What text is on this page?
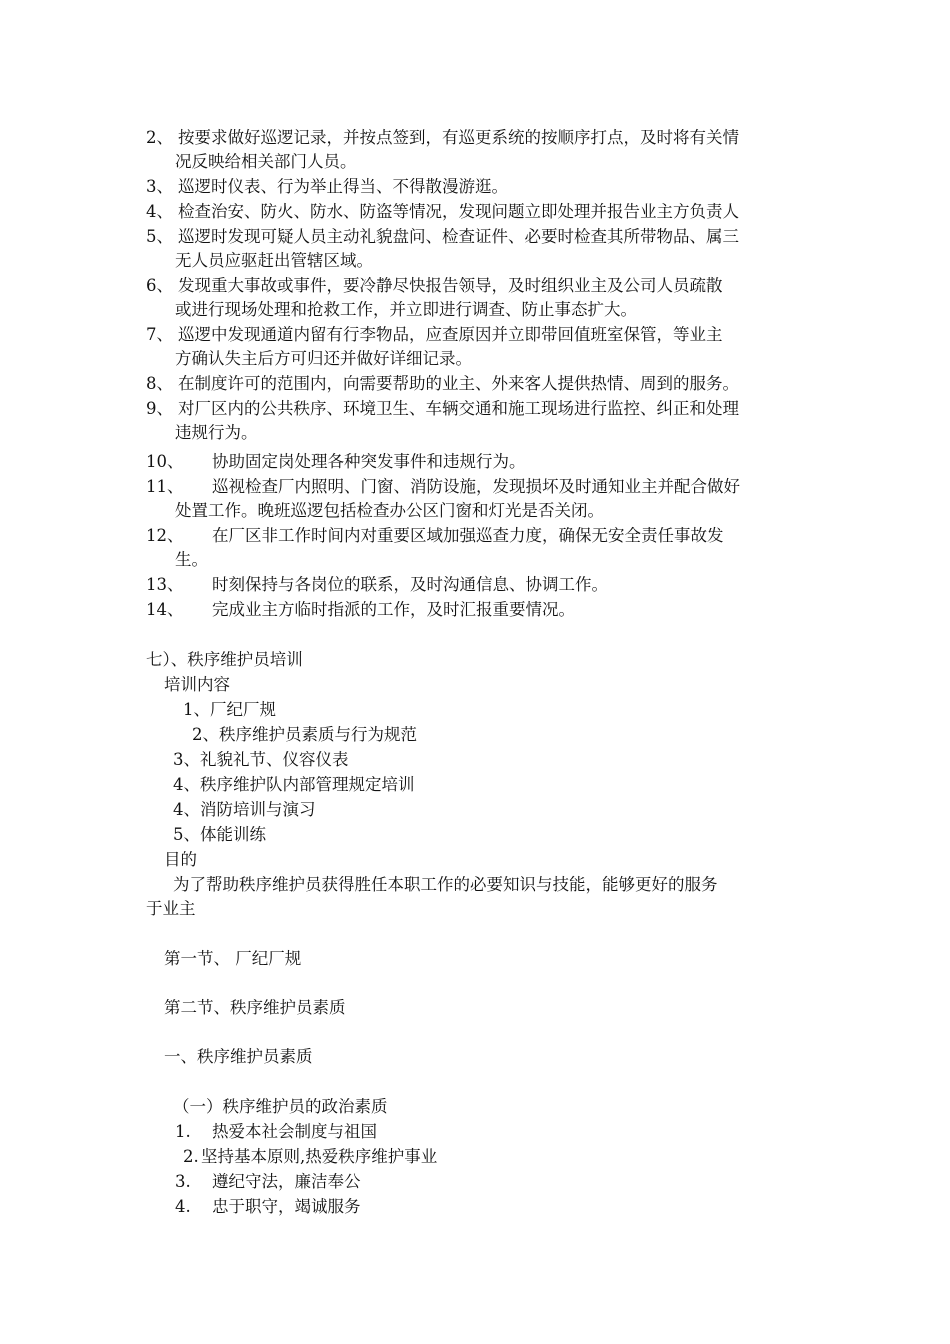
2、 按要求做好巡逻记录，并按点签到，有巡更系统的按顺序打点，及时将有关情
况反映给相关部门人员。
3、 巡逻时仪表、行为举止得当、不得散漫游逛。
4、 检查治安、防火、防水、防盗等情况，发现问题立即处理并报告业主方负责人
5、 巡逻时发现可疑人员主动礼貌盘问、检查证件、必要时检查其所带物品、属三
无人员应驱赶出管辖区域。
6、 发现重大事故或事件，要冷静尽快报告领导，及时组织业主及公司人员疏散
或进行现场处理和抢救工作，并立即进行调查、防止事态扩大。
7、 巡逻中发现通道内留有行李物品，应查原因并立即带回值班室保管，等业主
方确认失主后方可归还并做好详细记录。
8、 在制度许可的范围内，向需要帮助的业主、外来客人提供热情、周到的服务。
9、 对厂区内的公共秩序、环境卫生、车辆交通和施工现场进行监控、纠正和处理
违规行为。
10、 协助固定岗处理各种突发事件和违规行为。
11、 巡视检查厂内照明、门窗、消防设施，发现损坏及时通知业主并配合做好
处置工作。晚班巡逻包括检查办公区门窗和灯光是否关闭。
12、 在厂区非工作时间内对重要区域加强巡查力度，确保无安全责任事故发
生。
13、 时刻保持与各岗位的联系，及时沟通信息、协调工作。
14、 完成业主方临时指派的工作，及时汇报重要情况。
七）、秩序维护员培训
培训内容
1、厂纪厂规
2、秩序维护员素质与行为规范
3、礼貌礼节、仪容仪表
4、秩序维护队内部管理规定培训
4、消防培训与演习
5、体能训练
目的
为了帮助秩序维护员获得胜任本职工作的必要知识与技能，能够更好的服务
于业主
第一节、 厂纪厂规
第二节、秩序维护员素质
一、秩序维护员素质
（一）秩序维护员的政治素质
1. 热爱本社会制度与祖国
2. 坚持基本原则,热爱秩序维护事业
3. 遵纪守法，廉洁奉公
4. 忠于职守，竭诚服务
